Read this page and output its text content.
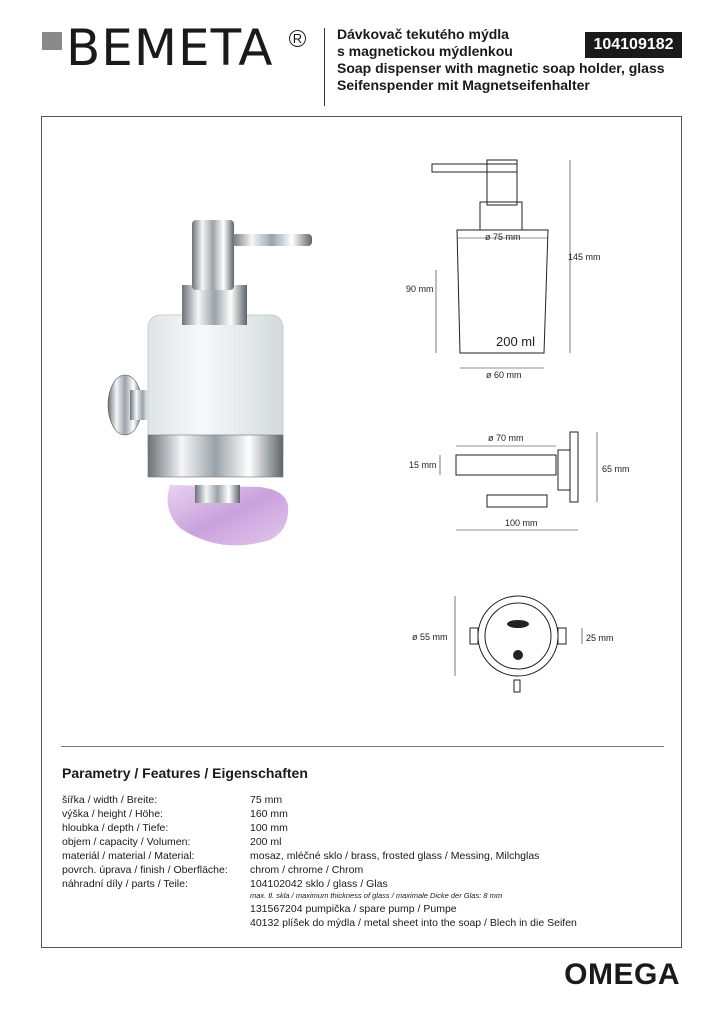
BEMETA R Dávkovač tekutého mýdla
s magnetickou mýdlenkou
Soap dispenser with magnetic soap holder, glass
Seifenspender mit Magnetseifenhalter
104109182
ø 75 mm
145 mm
90 mm
200 ml
ø 60 mm
ø 70 mm
15 mm	65 mm
100 mm
ø 55 mm	25 mm
Parametry / Features / Eigenschaften
šířka / width / Breite:	75 mm
výška / height / Höhe:	160 mm
hloubka / depth / Tiefe:	100 mm
objem / capacity / Volumen:	200 ml
materiál / material / Material:	mosaz, mléčné sklo / brass, frosted glass / Messing, Milchglas
povrch. úprava / finish / Oberfläche: chrom / chrome / Chrom
náhradní díly / parts / Teile:	104102042 sklo / glass / Glas
max. tl. skla / maximum thickness of glass / maximale Dicke der Glas: 8 mm
131567204 pumpička / spare pump / Pumpe
40132 plíšek do mýdla / metal sheet into the soap / Blech in die Seifen
OMEGA
